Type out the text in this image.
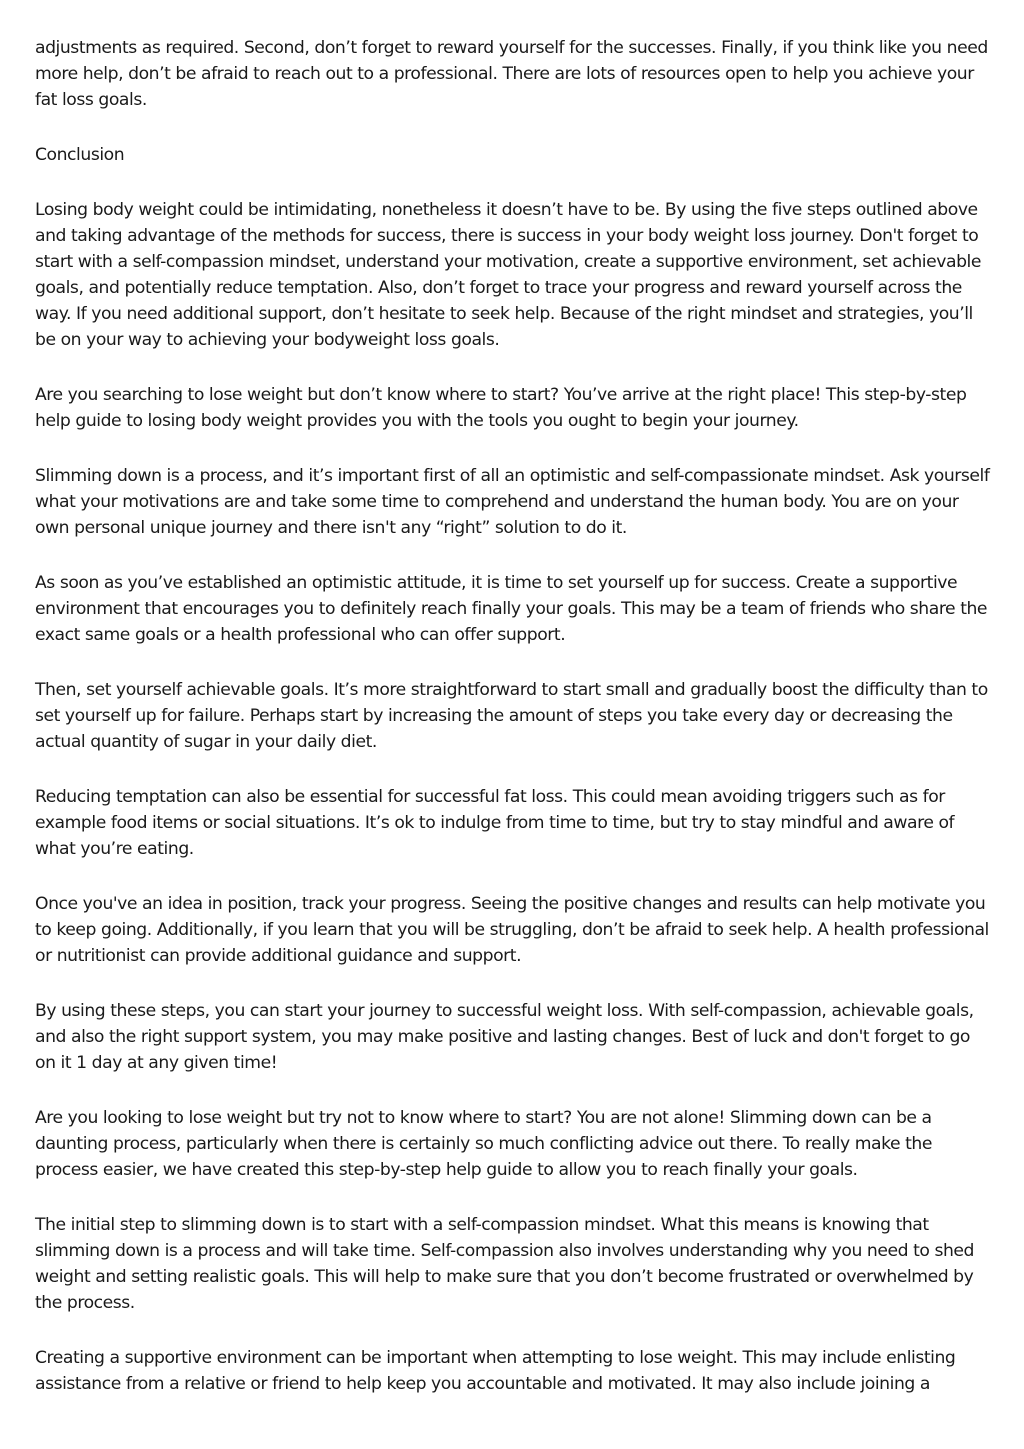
adjustments as required. Second, don’t forget to reward yourself for the successes. Finally, if you think like you need more help, don’t be afraid to reach out to a professional. There are lots of resources open to help you achieve your fat loss goals.

Conclusion

Losing body weight could be intimidating, nonetheless it doesn’t have to be. By using the five steps outlined above and taking advantage of the methods for success, there is success in your body weight loss journey. Don't forget to start with a self-compassion mindset, understand your motivation, create a supportive environment, set achievable goals, and potentially reduce temptation. Also, don’t forget to trace your progress and reward yourself across the way. If you need additional support, don’t hesitate to seek help. Because of the right mindset and strategies, you’ll be on your way to achieving your bodyweight loss goals.

Are you searching to lose weight but don’t know where to start? You’ve arrive at the right place! This step-by-step help guide to losing body weight provides you with the tools you ought to begin your journey.

Slimming down is a process, and it’s important first of all an optimistic and self-compassionate mindset. Ask yourself what your motivations are and take some time to comprehend and understand the human body. You are on your own personal unique journey and there isn't any “right” solution to do it.

As soon as you’ve established an optimistic attitude, it is time to set yourself up for success. Create a supportive environment that encourages you to definitely reach finally your goals. This may be a team of friends who share the exact same goals or a health professional who can offer support.

Then, set yourself achievable goals. It’s more straightforward to start small and gradually boost the difficulty than to set yourself up for failure. Perhaps start by increasing the amount of steps you take every day or decreasing the actual quantity of sugar in your daily diet.

Reducing temptation can also be essential for successful fat loss. This could mean avoiding triggers such as for example food items or social situations. It’s ok to indulge from time to time, but try to stay mindful and aware of what you’re eating.

Once you've an idea in position, track your progress. Seeing the positive changes and results can help motivate you to keep going. Additionally, if you learn that you will be struggling, don’t be afraid to seek help. A health professional or nutritionist can provide additional guidance and support.

By using these steps, you can start your journey to successful weight loss. With self-compassion, achievable goals, and also the right support system, you may make positive and lasting changes. Best of luck and don't forget to go on it 1 day at any given time!

Are you looking to lose weight but try not to know where to start? You are not alone! Slimming down can be a daunting process, particularly when there is certainly so much conflicting advice out there. To really make the process easier, we have created this step-by-step help guide to allow you to reach finally your goals.

The initial step to slimming down is to start with a self-compassion mindset. What this means is knowing that slimming down is a process and will take time. Self-compassion also involves understanding why you need to shed weight and setting realistic goals. This will help to make sure that you don’t become frustrated or overwhelmed by the process.

Creating a supportive environment can be important when attempting to lose weight. This may include enlisting assistance from a relative or friend to help keep you accountable and motivated. It may also include joining a
